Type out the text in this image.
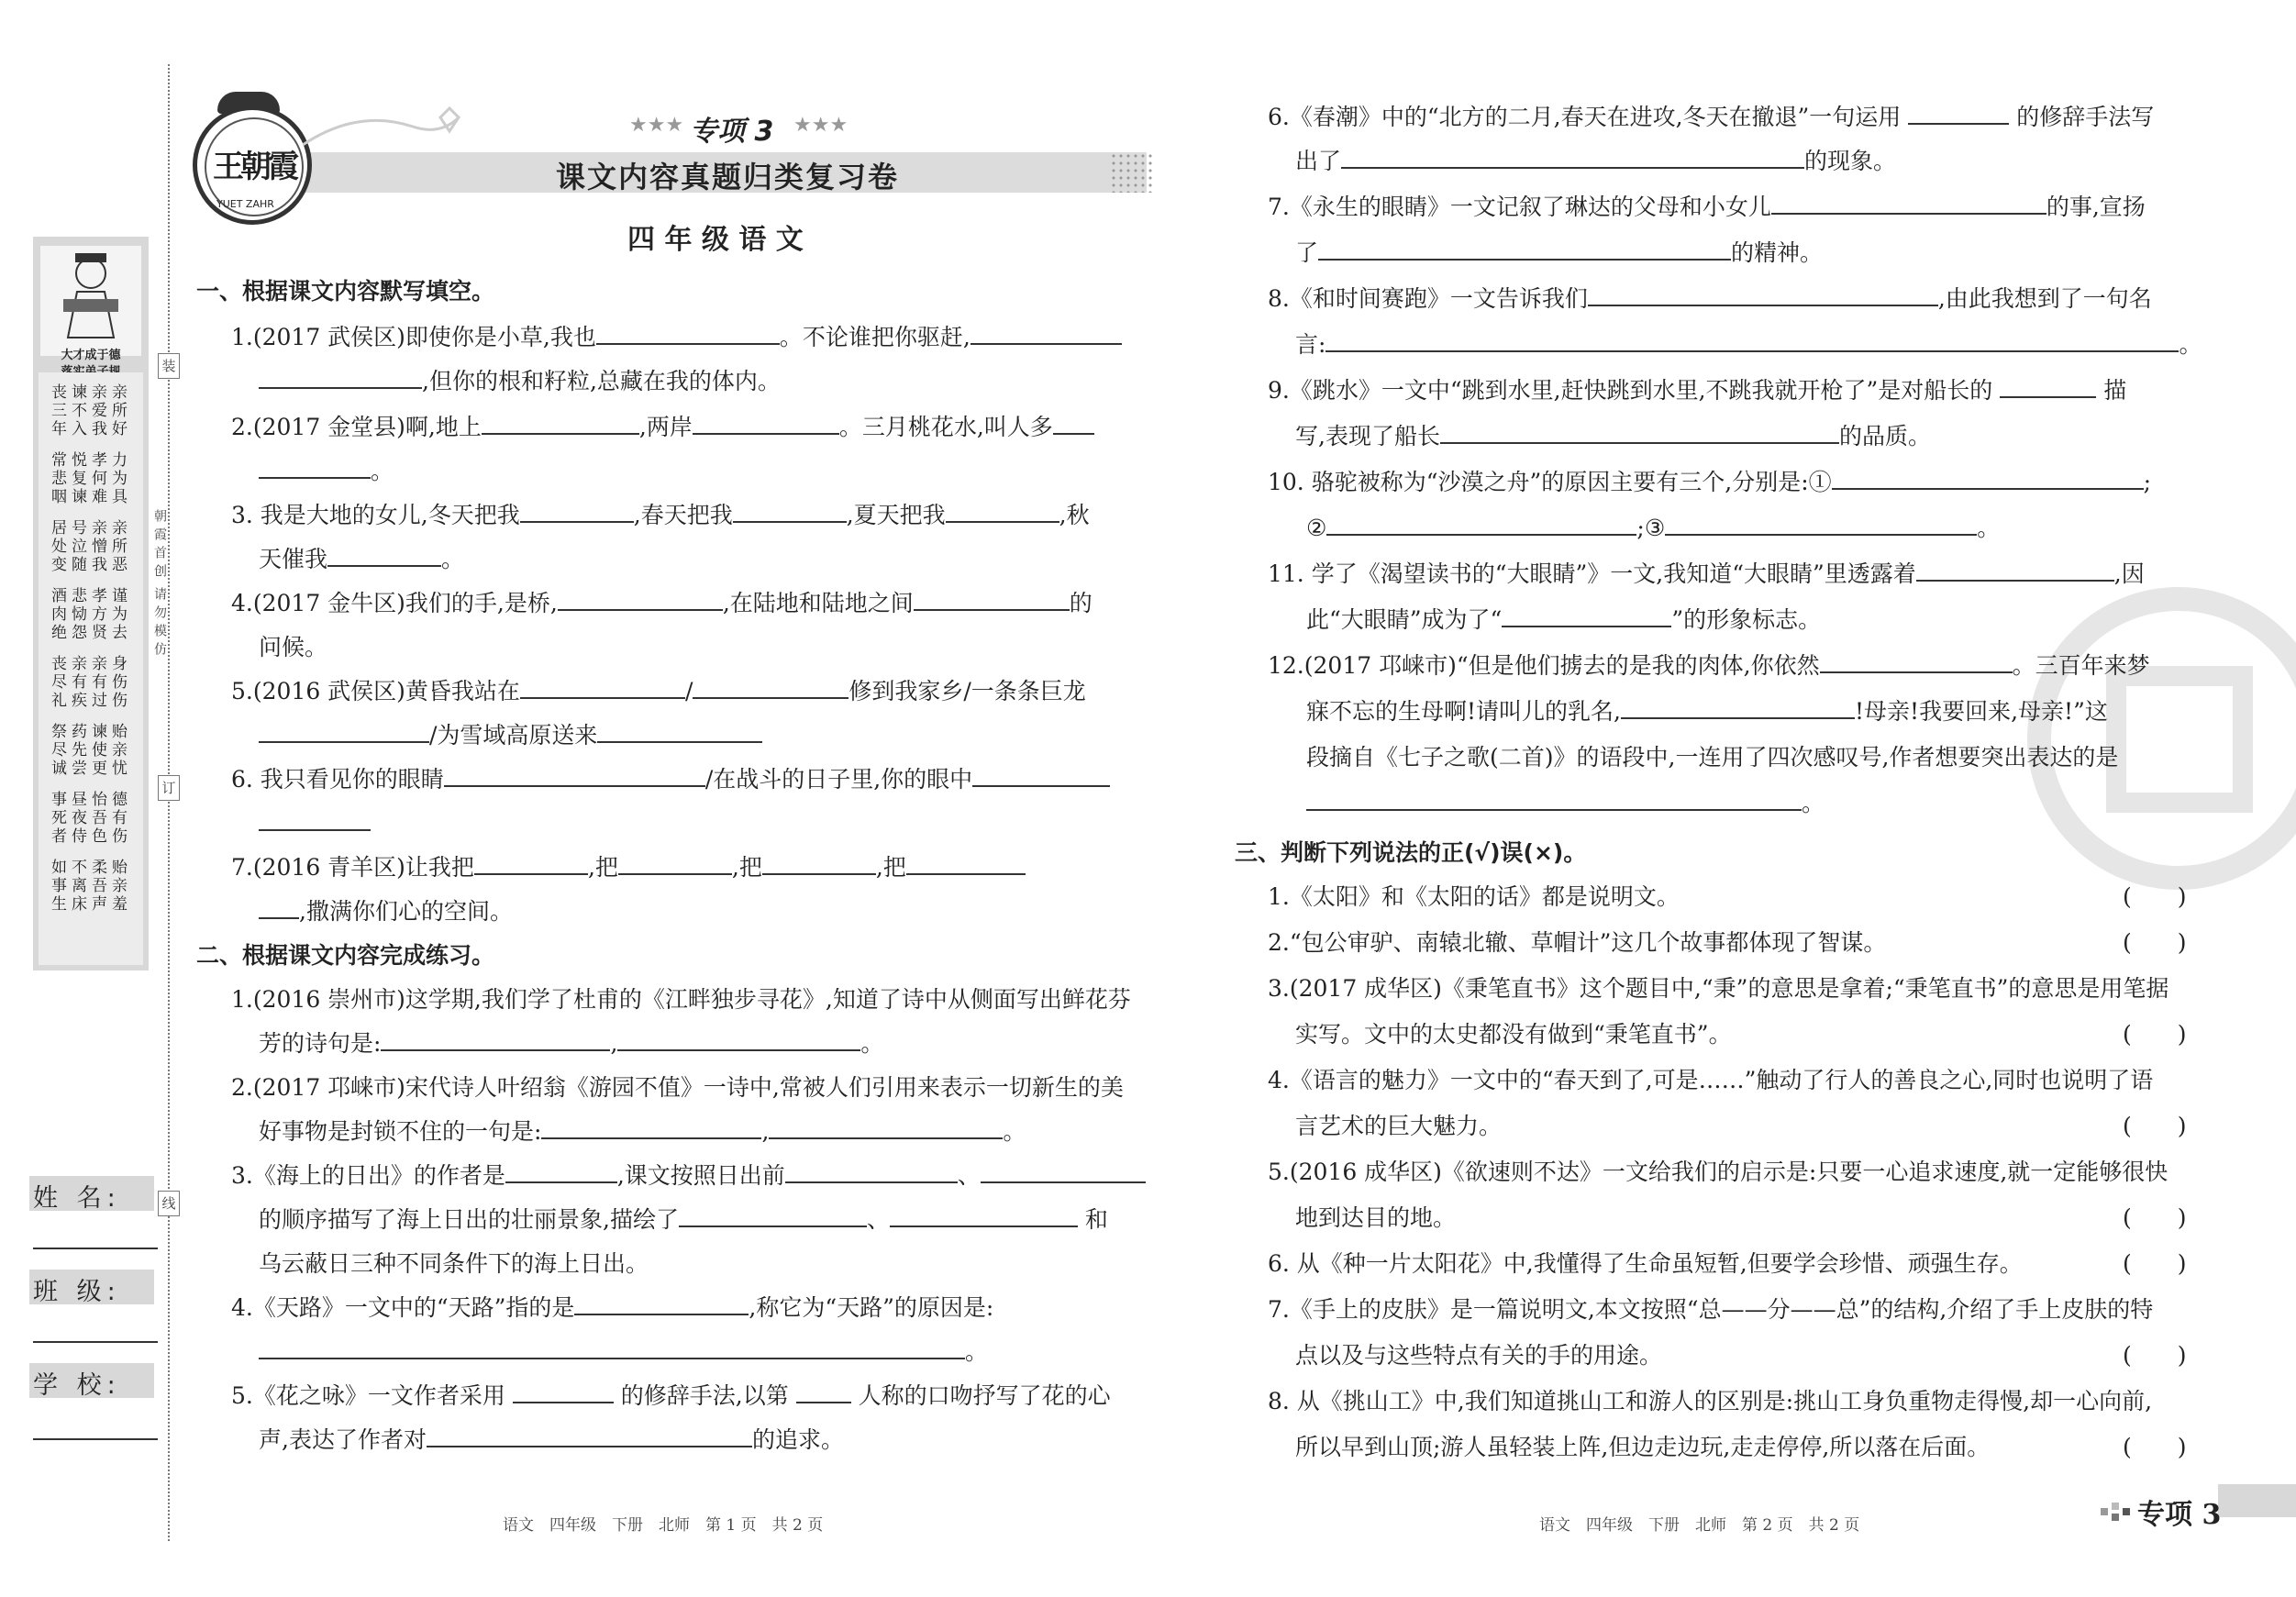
大才成于德
丧谏亲亲
三不爱所
年入我好
常悦孝力
悲复何为
咽谏难具
居号亲亲
处泣憎所
变随我恶
酒悲孝谨
肉恸方为
绝怨贤去
丧亲亲身
尽有有伤
礼疾过伤
祭药谏贻
尽先使亲
诚尝更忧
事昼怡德
死夜吾有
者侍色伤
如不柔贻
事离吾亲
生床声羞
装
订
线
朝霞首创
请勿模仿
姓 名:
班 级:
学 校:
王朝霞
YUET ZAHR
★★★ 专项 3 ★★★
课文内容真题归类复习卷
四 年 级 语 文
一、根据课文内容默写填空。
1.(2017 武侯区)即使你是小草,我也	。不论谁把你驱赶,
,但你的根和籽粒,总藏在我的体内。
2.(2017 金堂县)啊,地上	,两岸	。三月桃花水,叫人多
。
3. 我是大地的女儿,冬天把我	,春天把我	,夏天把我	,秋
天催我	。
4.(2017 金牛区)我们的手,是桥,	,在陆地和陆地之间	的
问候。
5.(2016 武侯区)黄昏我站在	/	修到我家乡/一条条巨龙
/为雪域高原送来
6. 我只看见你的眼睛	/在战斗的日子里,你的眼中
7.(2016 青羊区)让我把	,把	,把	,把
,撒满你们心的空间。
二、根据课文内容完成练习。
1.(2016 崇州市)这学期,我们学了杜甫的《江畔独步寻花》,知道了诗中从侧面写出鲜花芬
芳的诗句是:	,	。
2.(2017 邛崃市)宋代诗人叶绍翁《游园不值》一诗中,常被人们引用来表示一切新生的美
好事物是封锁不住的一句是:	,	。
3.《海上的日出》的作者是	,课文按照日出前	、
的顺序描写了海上日出的壮丽景象,描绘了	、	和
乌云蔽日三种不同条件下的海上日出。
4.《天路》一文中的“天路”指的是	,称它为“天路”的原因是:
。
5.《花之咏》一文作者采用	的修辞手法,以第	人称的口吻抒写了花的心
声,表达了作者对	的追求。
语文　四年级　下册　北师　第 1 页　共 2 页
6.《春潮》中的“北方的二月,春天在进攻,冬天在撤退”一句运用	的修辞手法写
出了	的现象。
7.《永生的眼睛》一文记叙了琳达的父母和小女儿	的事,宣扬
了	的精神。
8.《和时间赛跑》一文告诉我们	,由此我想到了一句名
言:	。
9.《跳水》一文中“跳到水里,赶快跳到水里,不跳我就开枪了”是对船长的	描
写,表现了船长	的品质。
10. 骆驼被称为“沙漠之舟”的原因主要有三个,分别是:①	;
②	;③	。
11. 学了《渴望读书的“大眼睛”》一文,我知道“大眼睛”里透露着	,因
此“大眼睛”成为了“	”的形象标志。
12.(2017 邛崃市)“但是他们掳去的是我的肉体,你依然	。三百年来梦
寐不忘的生母啊!请叫儿的乳名,	!母亲!我要回来,母亲!”这
段摘自《七子之歌(二首)》的语段中,一连用了四次感叹号,作者想要突出表达的是
。
三、判断下列说法的正(√)误(×)。
1.《太阳》和《太阳的话》都是说明文。	(　　)
2.“包公审驴、南辕北辙、草帽计”这几个故事都体现了智谋。	(　　)
3.(2017 成华区)《秉笔直书》这个题目中,“秉”的意思是拿着;“秉笔直书”的意思是用笔据
实写。文中的太史都没有做到“秉笔直书”。	(　　)
4.《语言的魅力》一文中的“春天到了,可是……”触动了行人的善良之心,同时也说明了语
言艺术的巨大魅力。	(　　)
5.(2016 成华区)《欲速则不达》一文给我们的启示是:只要一心追求速度,就一定能够很快
地到达目的地。	(　　)
6. 从《种一片太阳花》中,我懂得了生命虽短暂,但要学会珍惜、顽强生存。	(　　)
7.《手上的皮肤》是一篇说明文,本文按照“总——分——总”的结构,介绍了手上皮肤的特
点以及与这些特点有关的手的用途。	(　　)
8. 从《挑山工》中,我们知道挑山工和游人的区别是:挑山工身负重物走得慢,却一心向前,
所以早到山顶;游人虽轻装上阵,但边走边玩,走走停停,所以落在后面。	(　　)
语文　四年级　下册　北师　第 2 页　共 2 页	专项 3
